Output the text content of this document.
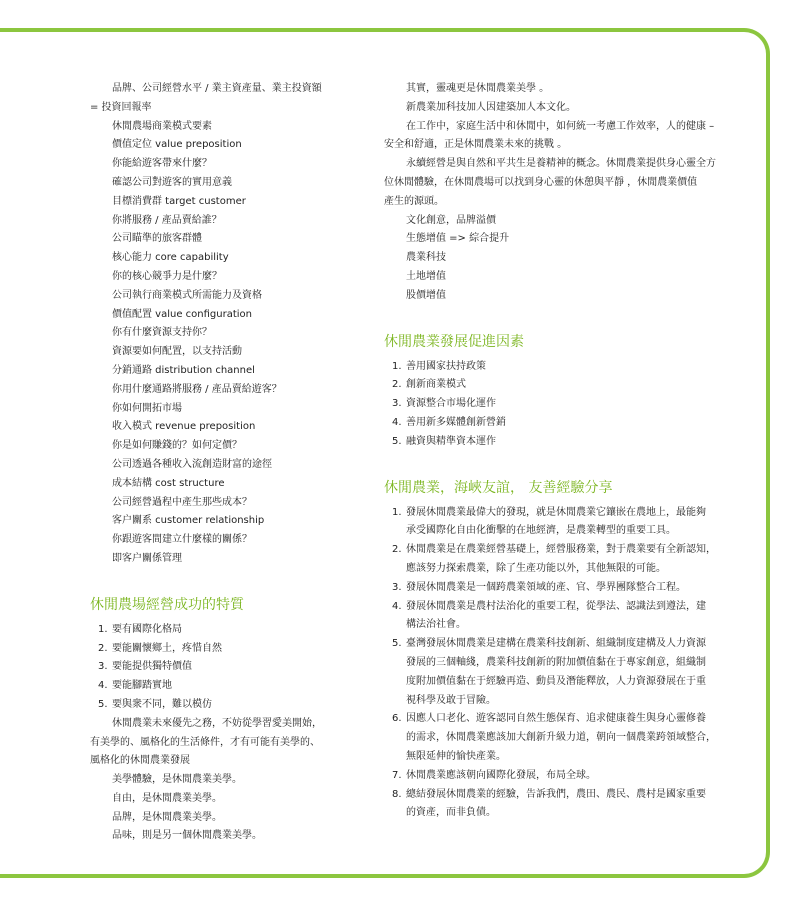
品牌、公司經營水平 / 業主資產量、業主投資額

= 投資回報率

休閒農場商業模式要素

價值定位 value preposition

你能給遊客帶來什麼？

確認公司對遊客的實用意義

目標消費群 target customer

你將服務 / 產品賣給誰？

公司瞄準的旅客群體

核心能力 core capability

你的核心競爭力是什麼？

公司執行商業模式所需能力及資格

價值配置 value configuration

你有什麼資源支持你？

資源要如何配置，以支持活動

分銷通路 distribution channel

你用什麼通路將服務 / 產品賣給遊客？

你如何開拓市場

收入模式 revenue preposition

你是如何賺錢的？如何定價？

公司透過各種收入流創造財富的途徑

成本結構 cost structure

公司經營過程中產生那些成本？

客户關系 customer relationship

你跟遊客間建立什麼樣的關係？

即客户關係管理

休閒農場經營成功的特質
1. 要有國際化格局
2. 要能關懷鄉土，疼惜自然
3. 要能提供獨特價值
4. 要能腳踏實地
5. 要與衆不同，難以模仿

休閒農業未來優先之務，不妨從學習愛美開始，

有美學的、風格化的生活條件，才有可能有美學的、

風格化的休閒農業發展

美學體驗，是休閒農業美學。

自由，是休閒農業美學。

品牌，是休閒農業美學。

品味，則是另一個休閒農業美學。

其實，靈魂更是休閒農業美學 。

新農業加科技加人因建築加人本文化。

在工作中，家庭生活中和休閒中，如何統一考慮工作效率，人的健康 –

安全和舒適，正是休閒農業未來的挑戰 。

永續經營是與自然和平共生是養精神的概念。休閒農業提供身心靈全方

位休閒體驗，在休閒農場可以找到身心靈的休憩與平靜 ，休閒農業價值

產生的源頭。

文化創意，品牌溢價

生態增值 => 綜合提升

農業科技

土地增值

股價增值

休閒農業發展促進因素
1. 善用國家扶持政策
2. 創新商業模式
3. 資源整合市場化運作
4. 善用新多媒體創新營銷
5. 融資與精準資本運作
休閒農業，海峽友誼， 友善經驗分享
1. 發展休閒農業最偉大的發現，就是休閒農業它鑲嵌在農地上，最能夠
承受國際化自由化衝擊的在地經濟，是農業轉型的重要工具。
2. 休閒農業是在農業經營基礎上，經營服務業，對于農業要有全新認知，
應該努力探索農業，除了生產功能以外，其他無限的可能。
3. 發展休閒農業是一個跨農業領域的產、官、學界團隊整合工程。
4. 發展休閒農業是農村法治化的重要工程，從學法、認識法到遵法，建
構法治社會。
5. 臺灣發展休閒農業是建構在農業科技創新、組織制度建構及人力資源
發展的三個軸綫，農業科技創新的附加價值黏在于專家創意，組織制
度附加價值黏在于經驗再造、動員及潛能釋放，人力資源發展在于重
視科學及敢于冒險。
6. 因應人口老化、遊客認同自然生態保育、追求健康養生與身心靈修養
的需求，休閒農業應該加大創新升級力道，朝向一個農業跨領域整合，
無限延伸的愉快產業。
7. 休閒農業應該朝向國際化發展，布局全球。
8. 總結發展休閒農業的經驗，告訴我們，農田、農民、農村是國家重要
的資產，而非負債。
